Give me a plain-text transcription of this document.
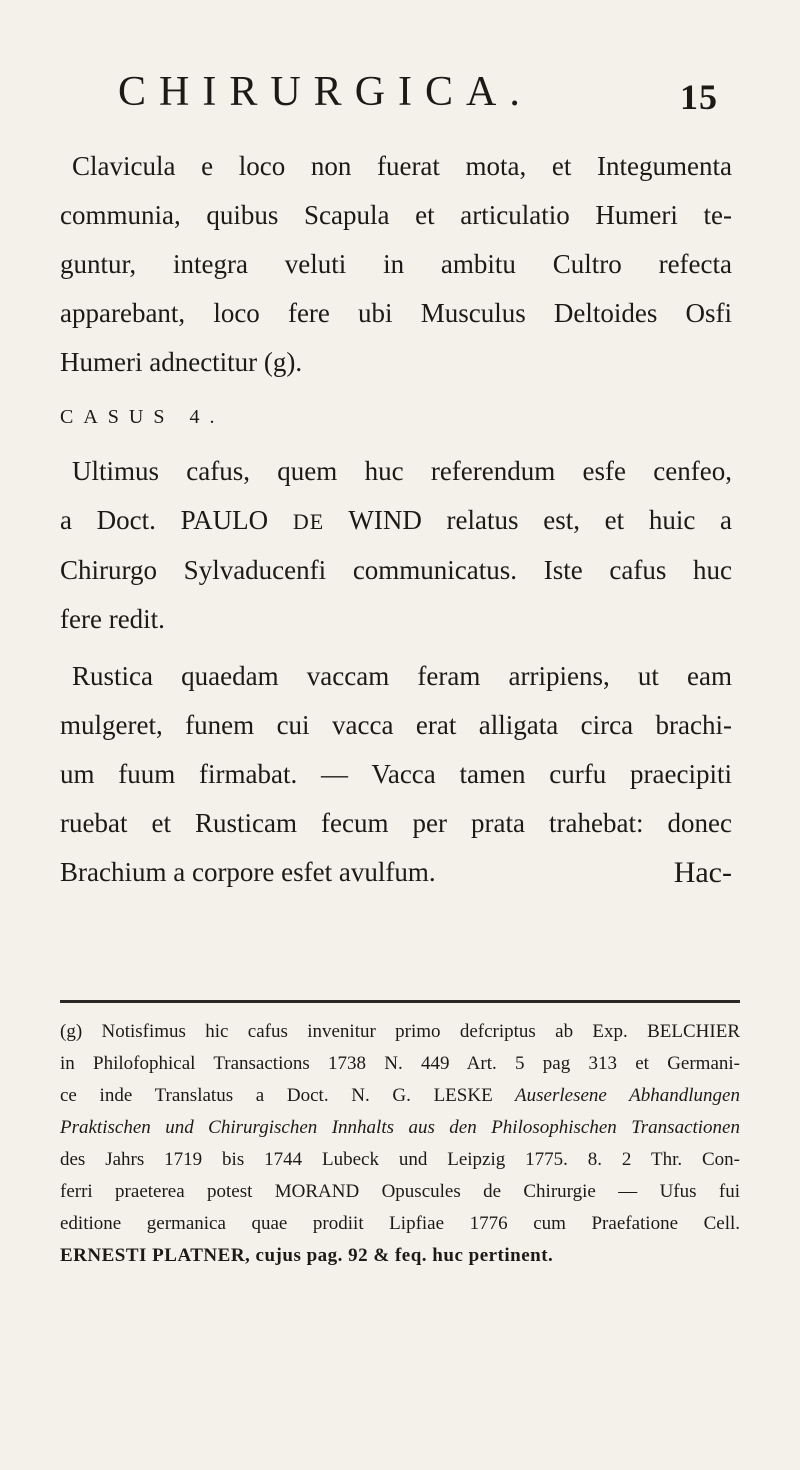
CHIRURGICA.	15

Clavicula e loco non fuerat mota, et Integumenta
communia, quibus Scapula et articulatio Humeri te-
guntur, integra veluti in ambitu Cultro refecta
apparebant, loco fere ubi Musculus Deltoides Osfi
Humeri adnectitur (g).

CASUS 4.

Ultimus cafus, quem huc referendum esfe cenfeo,
a Doct. PAULO DE WIND relatus est, et huic a
Chirurgo Sylvaducenfi communicatus. Iste cafus huc
fere redit.

Rustica quaedam vaccam feram arripiens, ut eam
mulgeret, funem cui vacca erat alligata circa brachi-
um fuum firmabat. — Vacca tamen curfu praecipiti
ruebat et Rusticam fecum per prata trahebat: donec
Brachium a corpore esfet avulfum.	Hac-

(g) Notisfimus hic cafus invenitur primo defcriptus ab Exp. BELCHIER
in Philofophical Transactions 1738 N. 449 Art. 5 pag 313 et Germani-
ce inde Translatus a Doct. N. G. LESKE Auserlesene Abhandlungen
Praktischen und Chirurgischen Innhalts aus den Philosophischen Transactionen
des Jahrs 1719 bis 1744 Lubeck und Leipzig 1775. 8. 2 Thr. Con-
ferri praeterea potest MORAND Opuscules de Chirurgie — Ufus fui
editione germanica quae prodiit Lipfiae 1776 cum Praefatione Cell.
ERNESTI PLATNER, cujus pag. 92 & feq. huc pertinent.
